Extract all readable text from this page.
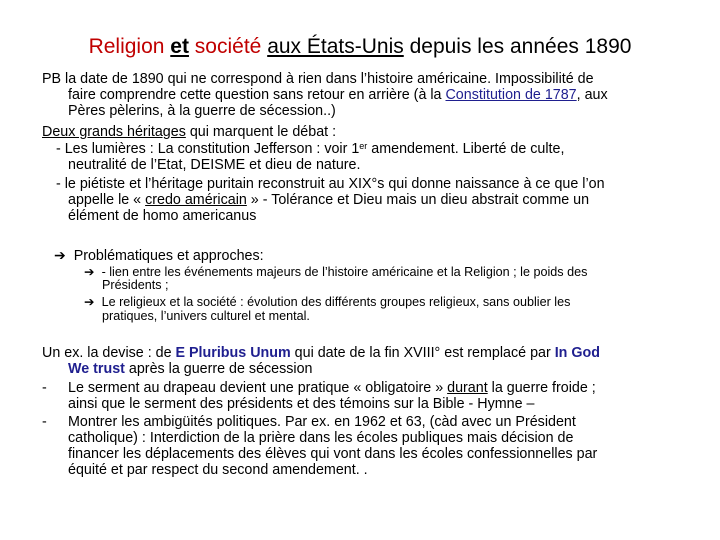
Religion et société aux États-Unis depuis les années 1890
PB la date de 1890 qui ne correspond à rien dans l’histoire américaine. Impossibilité de
faire comprendre cette question sans retour en arrière (à la Constitution de 1787, aux
Pères pèlerins, à la guerre de sécession..)
Deux grands héritages qui marquent le débat :
- Les lumières : La constitution Jefferson : voir 1er amendement. Liberté de culte,
neutralité de l’Etat, DEISME et dieu de nature.
- le piétiste et l’héritage puritain reconstruit au XIX°s qui donne naissance à ce que l’on
appelle le « credo américain » - Tolérance et Dieu mais un dieu abstrait comme un
élément de homo americanus
➔ Problématiques et approches:
➔ - lien entre les événements majeurs de l’histoire américaine et la Religion ; le poids des
Présidents ;
➔ Le religieux et la société : évolution des différents groupes religieux, sans oublier les
pratiques, l’univers culturel et mental.
Un ex. la devise : de E Pluribus Unum qui date de la fin XVIII° est remplacé par In God
We trust après la guerre de sécession
- Le serment au drapeau devient une pratique « obligatoire » durant la guerre froide ;
ainsi que le serment des présidents et des témoins sur la Bible - Hymne –
- Montrer les ambigüités politiques. Par ex. en 1962 et 63, (càd avec un Président
catholique) : Interdiction de la prière dans les écoles publiques mais décision de
financer les déplacements des élèves qui vont dans les écoles confessionnelles par
équité et par respect du second amendement. .
